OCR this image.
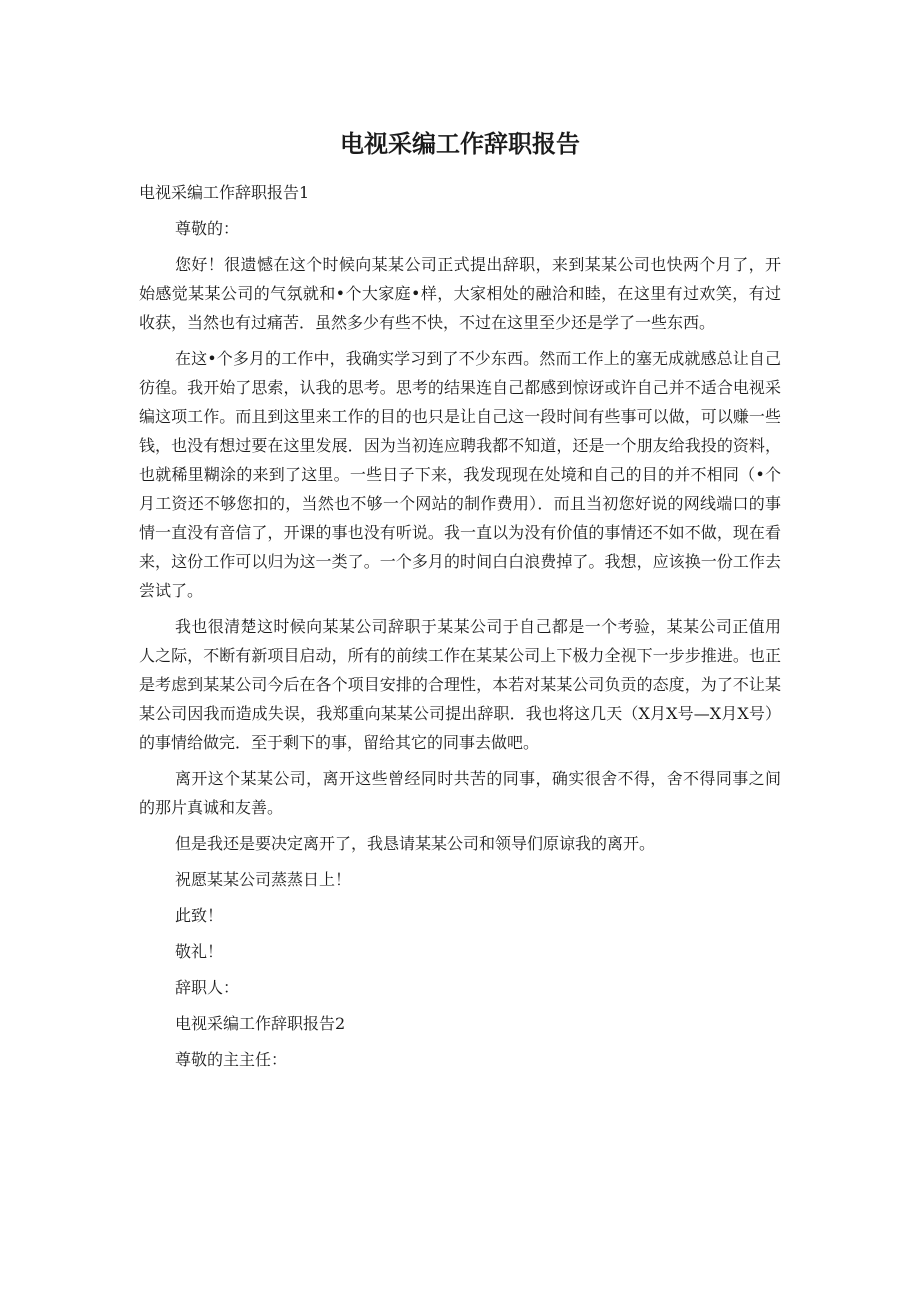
电视采编工作辞职报告

电视采编工作辞职报告1

尊敬的：

您好！很遗憾在这个时候向某某公司正式提出辞职，来到某某公司也快两个月了，开始感觉某某公司的气氛就和•个大家庭•样，大家相处的融洽和睦，在这里有过欢笑，有过收获，当然也有过痛苦．虽然多少有些不快，不过在这里至少还是学了一些东西。

在这•个多月的工作中，我确实学习到了不少东西。然而工作上的塞无成就感总让自己彷徨。我开始了思索，认我的思考。思考的结果连自己都感到惊讶或许自己并不适合电视采编这项工作。而且到这里来工作的目的也只是让自己这一段时间有些事可以做，可以赚一些钱，也没有想过要在这里发展．因为当初连应聘我都不知道，还是一个朋友给我投的资料，也就稀里糊涂的来到了这里。一些日子下来，我发现现在处境和自己的目的并不相同（•个月工资还不够您扣的，当然也不够一个网站的制作费用）．而且当初您好说的网线端口的事情一直没有音信了，开课的事也没有听说。我一直以为没有价值的事情还不如不做，现在看来，这份工作可以归为这一类了。一个多月的时间白白浪费掉了。我想，应该换一份工作去尝试了。

我也很清楚这时候向某某公司辞职于某某公司于自己都是一个考验，某某公司正值用人之际，不断有新项目启动，所有的前续工作在某某公司上下极力全视下一步步推进。也正是考虑到某某公司今后在各个项目安排的合理性，本若对某某公司负贡的态度，为了不让某某公司因我而造成失误，我郑重向某某公司提出辞职．我也将这几天（X月X号—X月X号）的事情给做完．至于剩下的事，留给其它的同事去做吧。

离开这个某某公司，离开这些曾经同时共苦的同事，确实很舍不得，舍不得同事之间的那片真诚和友善。

但是我还是要决定离开了，我恳请某某公司和领导们原谅我的离开。

祝愿某某公司蒸蒸日上！

此致！

敬礼！

辞职人：

电视采编工作辞职报告2

尊敬的主主任：
